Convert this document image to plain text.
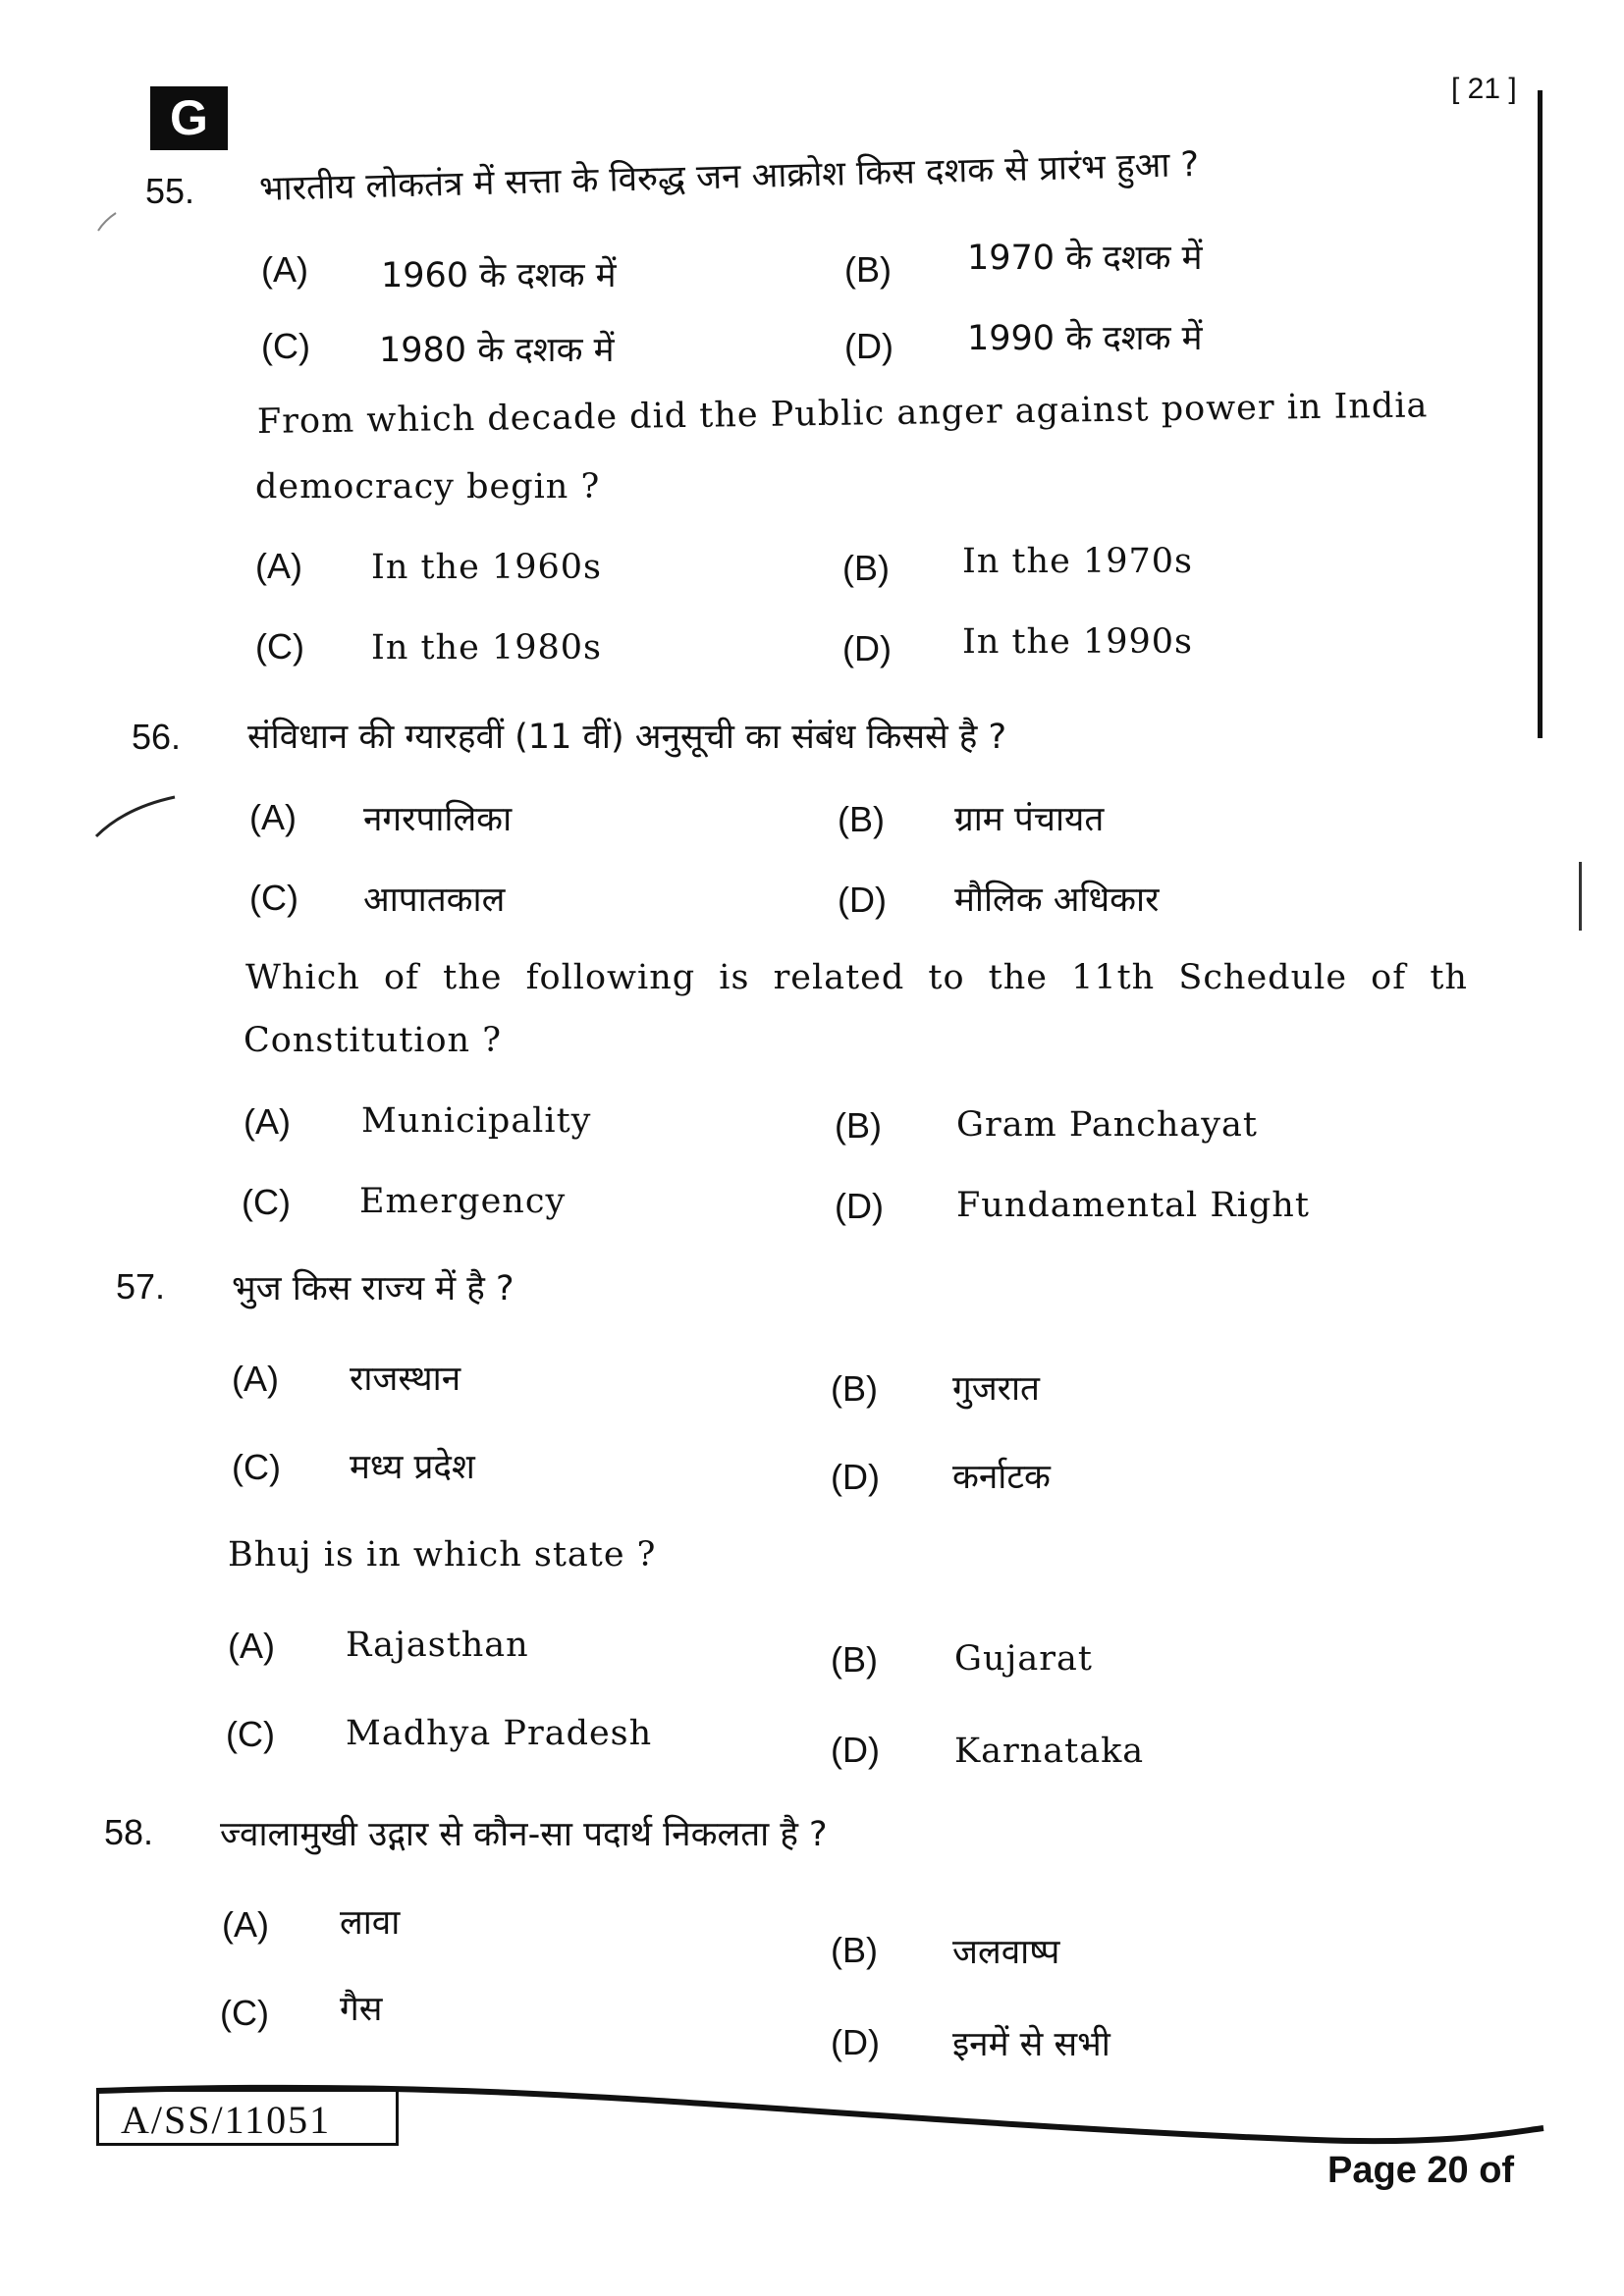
G
[ 21 ]
55. भारतीय लोकतंत्र में सत्ता के विरुद्ध जन आक्रोश किस दशक से प्रारंभ हुआ ?
(A) 1960 के दशक में	(B) 1970 के दशक में
(C) 1980 के दशक में	(D) 1990 के दशक में
From which decade did the Public anger against power in India
democracy begin ?
(A) In the 1960s	(B) In the 1970s
(C) In the 1980s	(D) In the 1990s
56. संविधान की ग्यारहवीं (11 वीं) अनुसूची का संबंध किससे है ?
(A) नगरपालिका	(B) ग्राम पंचायत
(C) आपातकाल	(D) मौलिक अधिकार
Which of the following is related to the 11th Schedule of th
Constitution ?
(A) Municipality	(B) Gram Panchayat
(C) Emergency	(D) Fundamental Right
57. भुज किस राज्य में है ?
(A) राजस्थान	(B) गुजरात
(C) मध्य प्रदेश	(D) कर्नाटक
Bhuj is in which state ?
(A) Rajasthan	(B) Gujarat
(C) Madhya Pradesh	(D) Karnataka
58. ज्वालामुखी उद्गार से कौन-सा पदार्थ निकलता है ?
(A) लावा
(B) जलवाष्प
(C) गैस
(D) इनमें से सभी
A/SS/11051
Page 20 of
